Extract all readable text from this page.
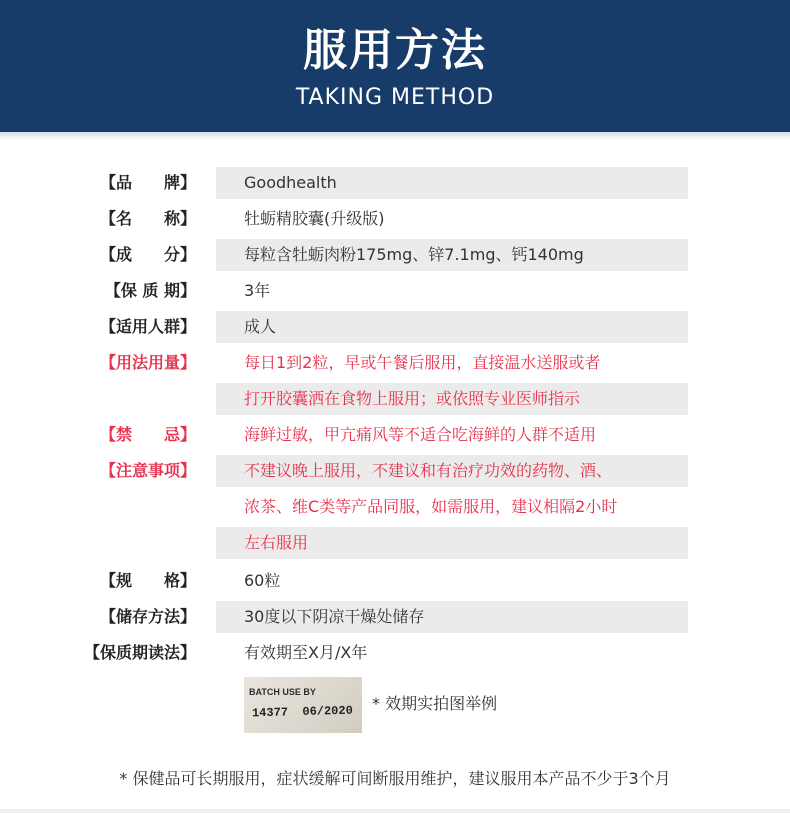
服用方法
TAKING METHOD
【品　　牌】	Goodhealth
【名　　称】	牡蛎精胶囊(升级版)
【成　　分】	每粒含牡蛎肉粉175mg、锌7.1mg、钙140mg
【保 质 期】	3年
【适用人群】	成人
【用法用量】	每日1到2粒，早或午餐后服用，直接温水送服或者
打开胶囊洒在食物上服用；或依照专业医师指示
【禁　　忌】	海鲜过敏，甲亢痛风等不适合吃海鲜的人群不适用
【注意事项】	不建议晚上服用，不建议和有治疗功效的药物、酒、
浓茶、维C类等产品同服，如需服用，建议相隔2小时
左右服用
【规　　格】	60粒
【储存方法】	30度以下阴凉干燥处储存
【保质期读法】	有效期至X月/X年
BATCH USE BY
14377 06/2020 * 效期实拍图举例
* 保健品可长期服用，症状缓解可间断服用维护，建议服用本产品不少于3个月
